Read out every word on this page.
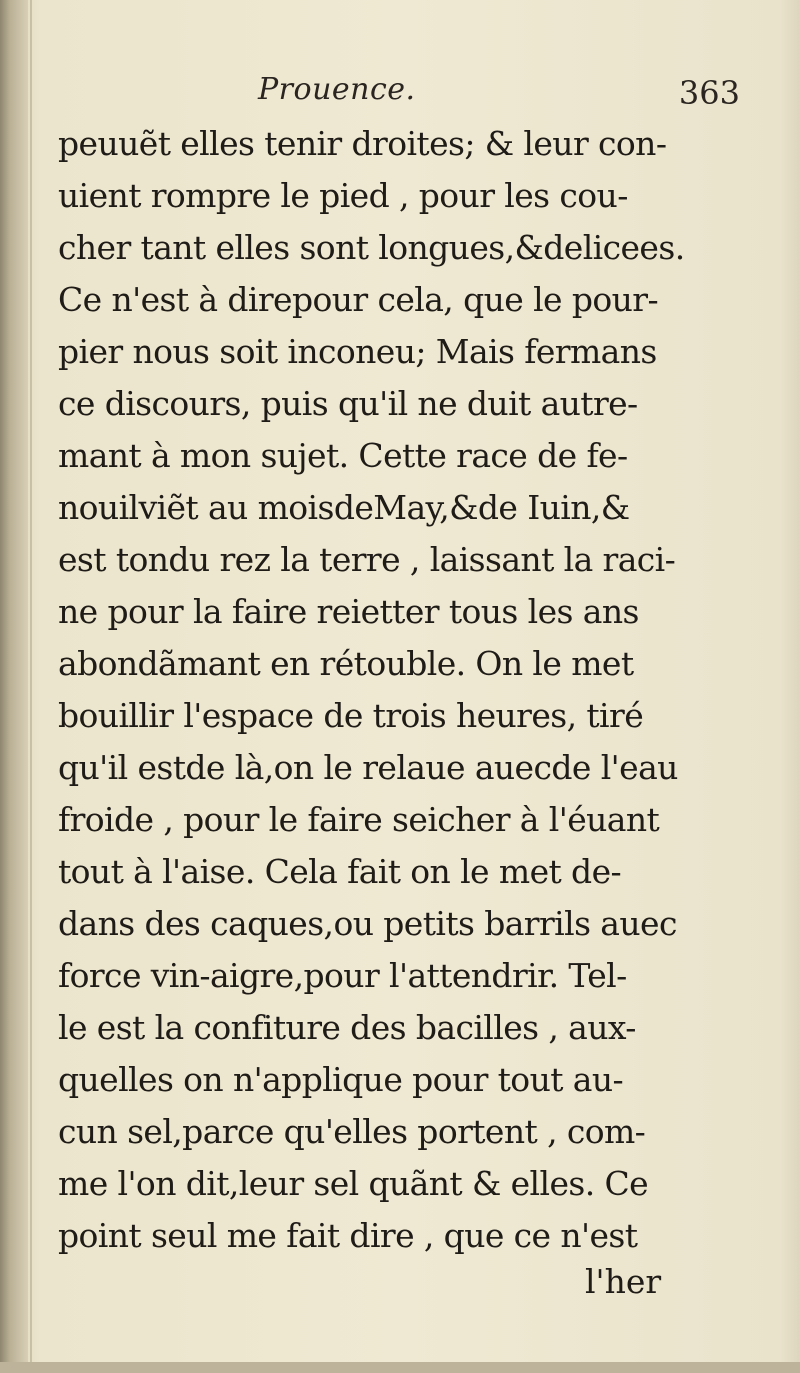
Prouence.	363
peuuẽt elles tenir droites; & leur con-
uient rompre le pied , pour les cou-
cher tant elles sont longues,&delicees.
Ce n'est à direpour cela, que le pour-
pier nous soit inconeu; Mais fermans
ce discours, puis qu'il ne duit autre-
mant à mon sujet. Cette race de fe-
nouilviẽt au moisdeMay,&de Iuin,&
est tondu rez la terre , laissant la raci-
ne pour la faire reietter tous les ans
abondãmant en rétouble. On le met
bouillir l'espace de trois heures, tiré
qu'il estde là,on le relaue auecde l'eau
froide , pour le faire seicher à l'éuant
tout à l'aise. Cela fait on le met de-
dans des caques,ou petits barrils auec
force vin-aigre,pour l'attendrir. Tel-
le est la confiture des bacilles , aux-
quelles on n'applique pour tout au-
cun sel,parce qu'elles portent , com-
me l'on dit,leur sel quãnt & elles. Ce
point seul me fait dire , que ce n'est
l'her
